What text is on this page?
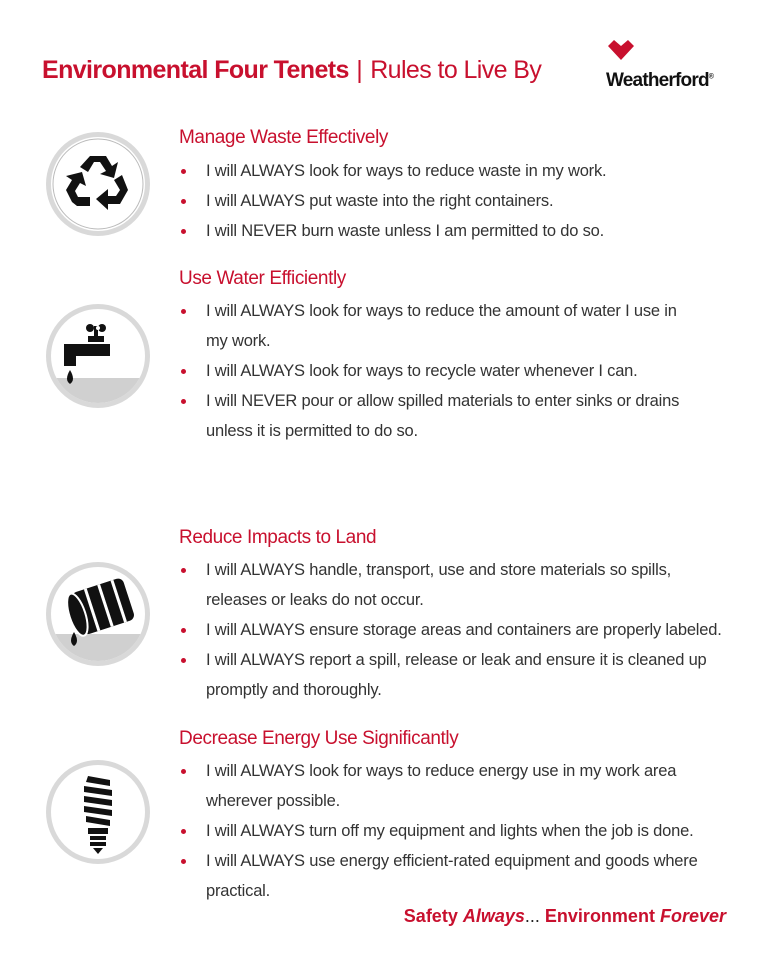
Environmental Four Tenets | Rules to Live By	Weatherford®
Manage Waste Effectively
I will ALWAYS look for ways to reduce waste in my work.
I will ALWAYS put waste into the right containers.
I will NEVER burn waste unless I am permitted to do so.
Use Water Efficiently
I will ALWAYS look for ways to reduce the amount of water I use in
my work.
I will ALWAYS look for ways to recycle water whenever I can.
I will NEVER pour or allow spilled materials to enter sinks or drains
unless it is permitted to do so.
Reduce Impacts to Land
I will ALWAYS handle, transport, use and store materials so spills,
releases or leaks do not occur.
I will ALWAYS ensure storage areas and containers are properly labeled.
I will ALWAYS report a spill, release or leak and ensure it is cleaned up
promptly and thoroughly.
Decrease Energy Use Significantly
I will ALWAYS look for ways to reduce energy use in my work area
wherever possible.
I will ALWAYS turn off my equipment and lights when the job is done.
I will ALWAYS use energy efficient-rated equipment and goods where
practical.
Safety Always... Environment Forever
